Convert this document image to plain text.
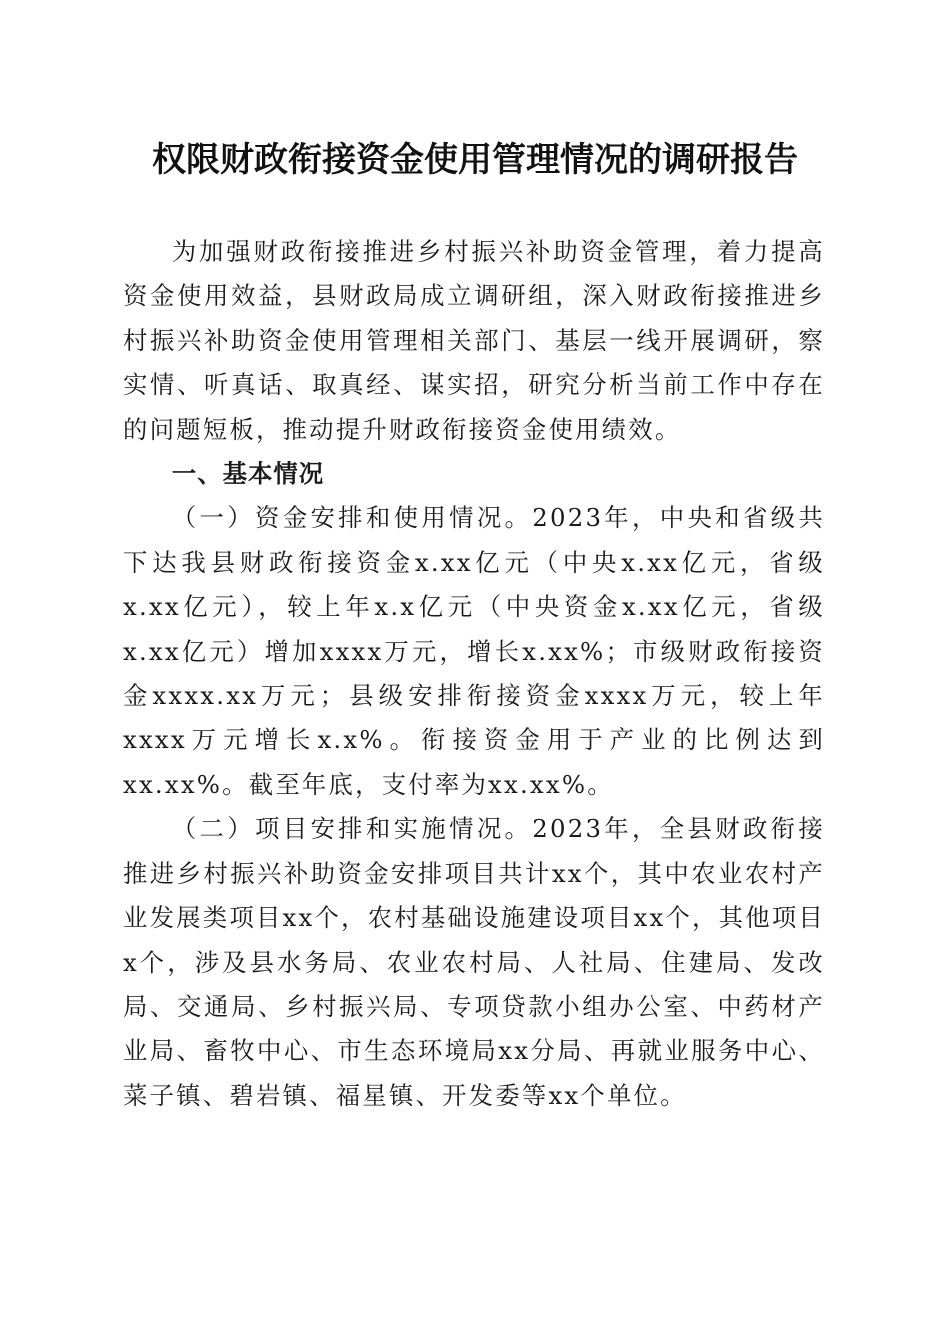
权限财政衔接资金使用管理情况的调研报告

为加强财政衔接推进乡村振兴补助资金管理，着力提高资金使用效益，县财政局成立调研组，深入财政衔接推进乡村振兴补助资金使用管理相关部门、基层一线开展调研，察实情、听真话、取真经、谋实招，研究分析当前工作中存在的问题短板，推动提升财政衔接资金使用绩效。

一、基本情况

（一）资金安排和使用情况。2023年，中央和省级共下达我县财政衔接资金x.xx亿元（中央x.xx亿元，省级x.xx亿元），较上年x.x亿元（中央资金x.xx亿元，省级x.xx亿元）增加xxxx万元，增长x.xx%；市级财政衔接资金xxxx.xx万元；县级安排衔接资金xxxx万元，较上年xxxx万元增长x.x%。衔接资金用于产业的比例达到xx.xx%。截至年底，支付率为xx.xx%。

（二）项目安排和实施情况。2023年，全县财政衔接推进乡村振兴补助资金安排项目共计xx个，其中农业农村产业发展类项目xx个，农村基础设施建设项目xx个，其他项目x个，涉及县水务局、农业农村局、人社局、住建局、发改局、交通局、乡村振兴局、专项贷款小组办公室、中药材产业局、畜牧中心、市生态环境局xx分局、再就业服务中心、菜子镇、碧岩镇、福星镇、开发委等xx个单位。
